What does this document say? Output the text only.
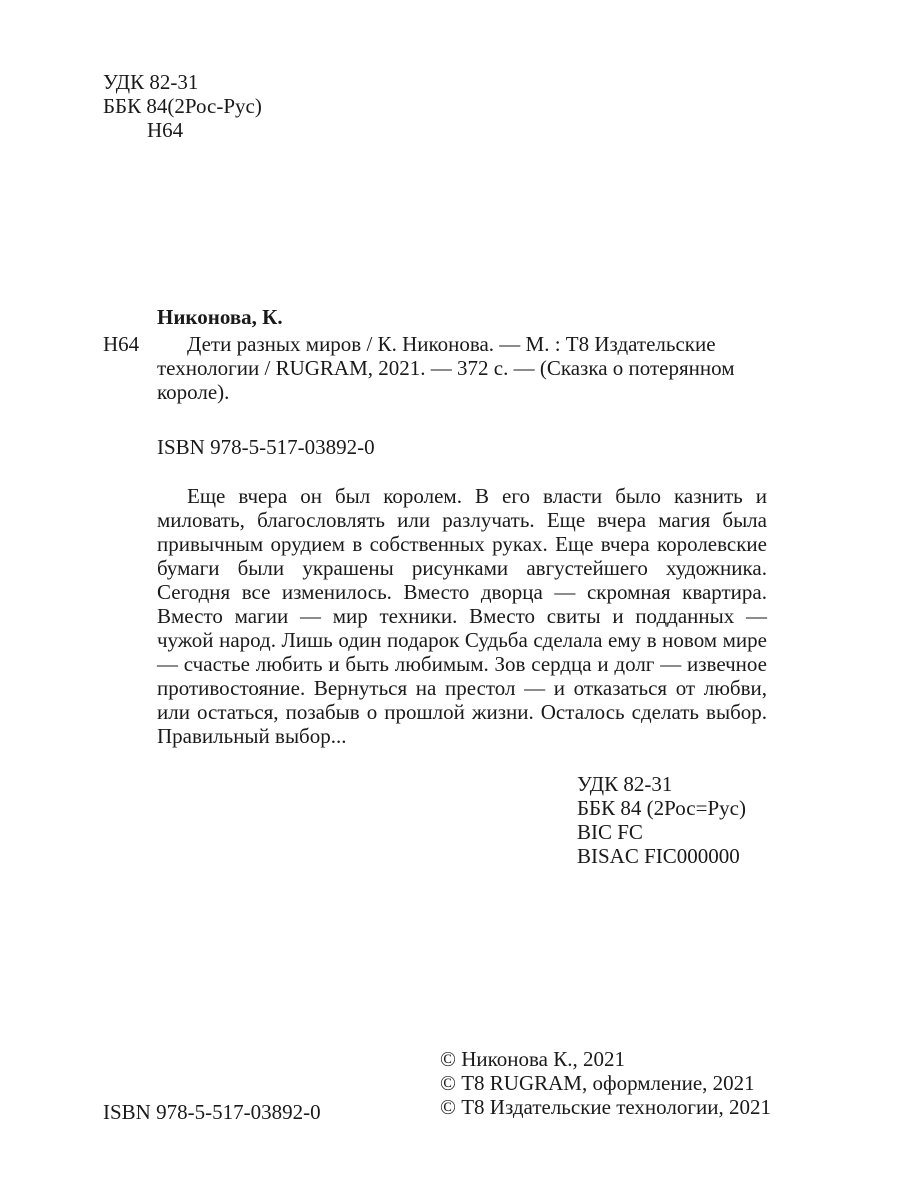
УДК 82-31
ББК 84(2Рос-Рус)
Н64
Никонова, К.
Н64	Дети разных миров / К. Никонова. — М. : Т8 Издательские
технологии / RUGRAM, 2021. — 372 с. — (Сказка о потерянном
короле).
ISBN 978-5-517-03892-0

Еще вчера он был королем. В его власти было казнить и миловать, благословлять или разлучать. Еще вчера магия была привычным орудием в собственных руках. Еще вчера королевские бумаги были украшены рисунками августейшего художника. Сегодня все изменилось. Вместо дворца — скромная квартира. Вместо магии — мир техники. Вместо свиты и подданных — чужой народ. Лишь один подарок Судьба сделала ему в новом мире — счастье любить и быть любимым. Зов сердца и долг — извечное противостояние. Вернуться на престол — и отказаться от любви, или остаться, позабыв о прошлой жизни. Осталось сделать выбор. Правильный выбор...

УДК 82-31
ББК 84 (2Рос=Рус)
BIC FC
BISAC FIC000000
© Никонова К., 2021
© Т8 RUGRAM, оформление, 2021
© Т8 Издательские технологии, 2021
ISBN 978-5-517-03892-0
